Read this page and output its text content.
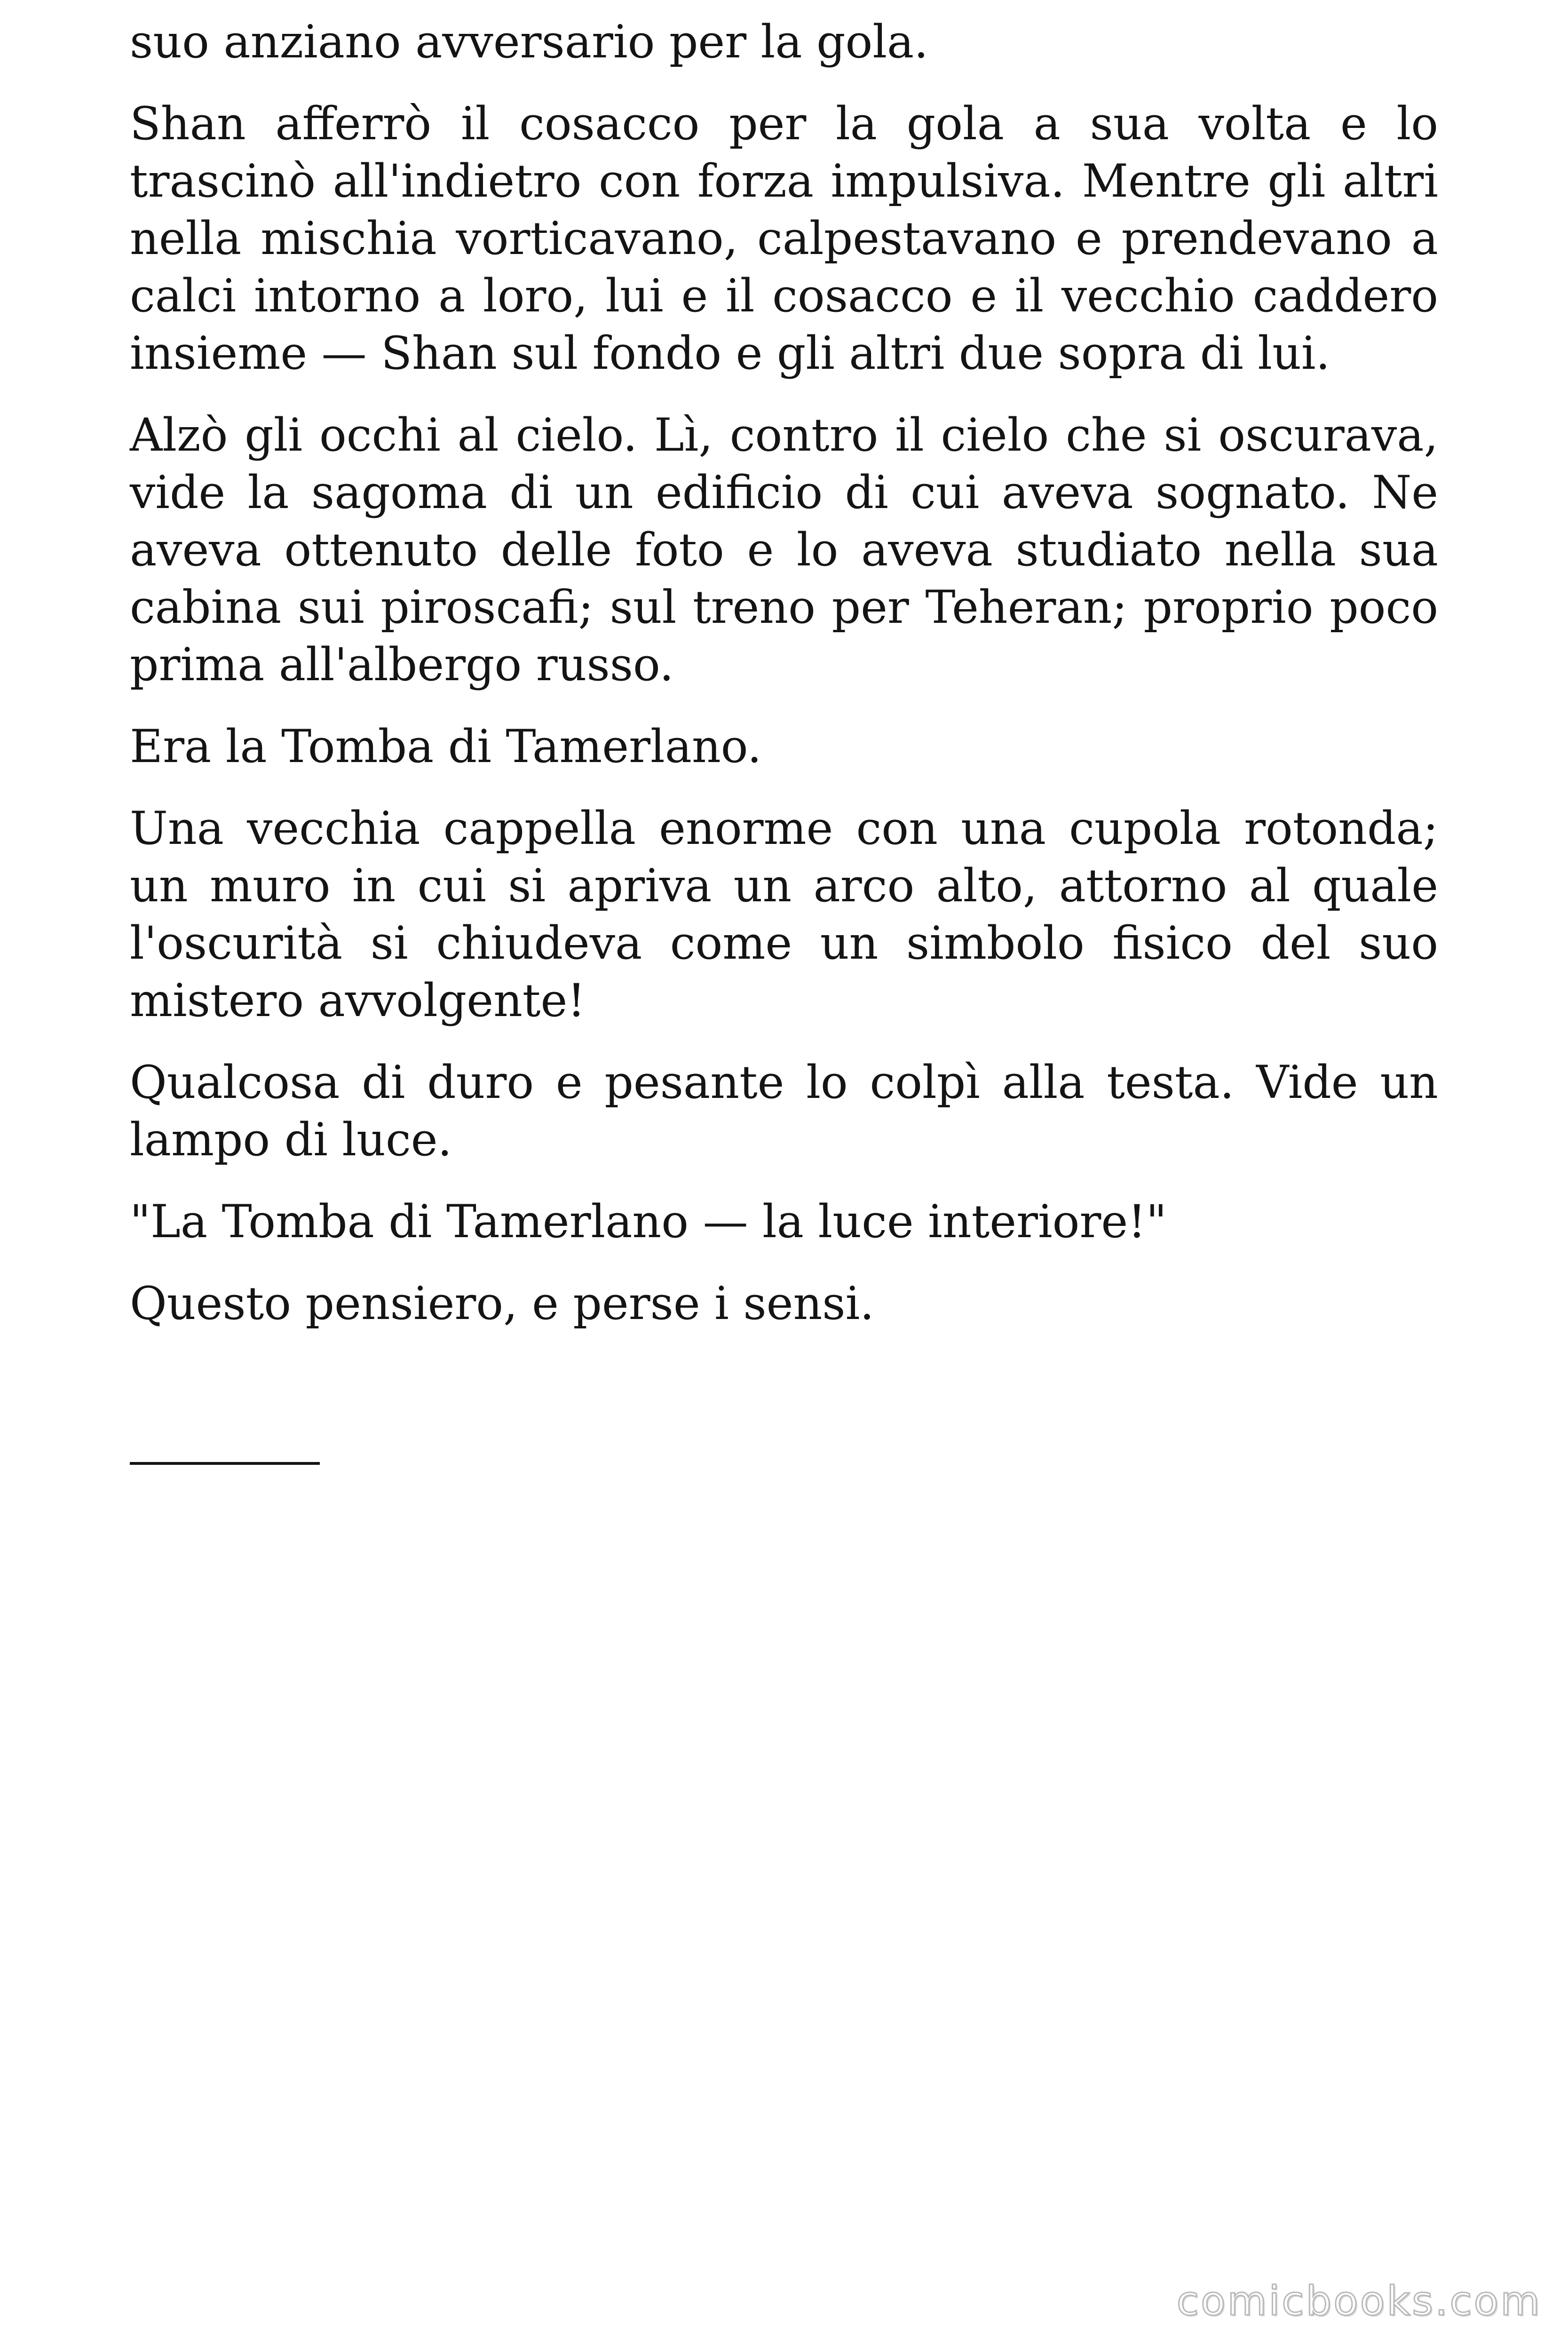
suo anziano avversario per la gola.

Shan afferrò il cosacco per la gola a sua volta e lo trascinò all'indietro con forza impulsiva. Mentre gli altri nella mischia vorticavano, calpestavano e prendevano a calci intorno a loro, lui e il cosacco e il vecchio caddero insieme — Shan sul fondo e gli altri due sopra di lui.

Alzò gli occhi al cielo. Lì, contro il cielo che si oscurava, vide la sagoma di un edificio di cui aveva sognato. Ne aveva ottenuto delle foto e lo aveva studiato nella sua cabina sui piroscafi; sul treno per Teheran; proprio poco prima all'albergo russo.

Era la Tomba di Tamerlano.

Una vecchia cappella enorme con una cupola rotonda; un muro in cui si apriva un arco alto, attorno al quale l'oscurità si chiudeva come un simbolo fisico del suo mistero avvolgente!

Qualcosa di duro e pesante lo colpì alla testa. Vide un lampo di luce.

"La Tomba di Tamerlano — la luce interiore!"

Questo pensiero, e perse i sensi.

comicbooks.com
